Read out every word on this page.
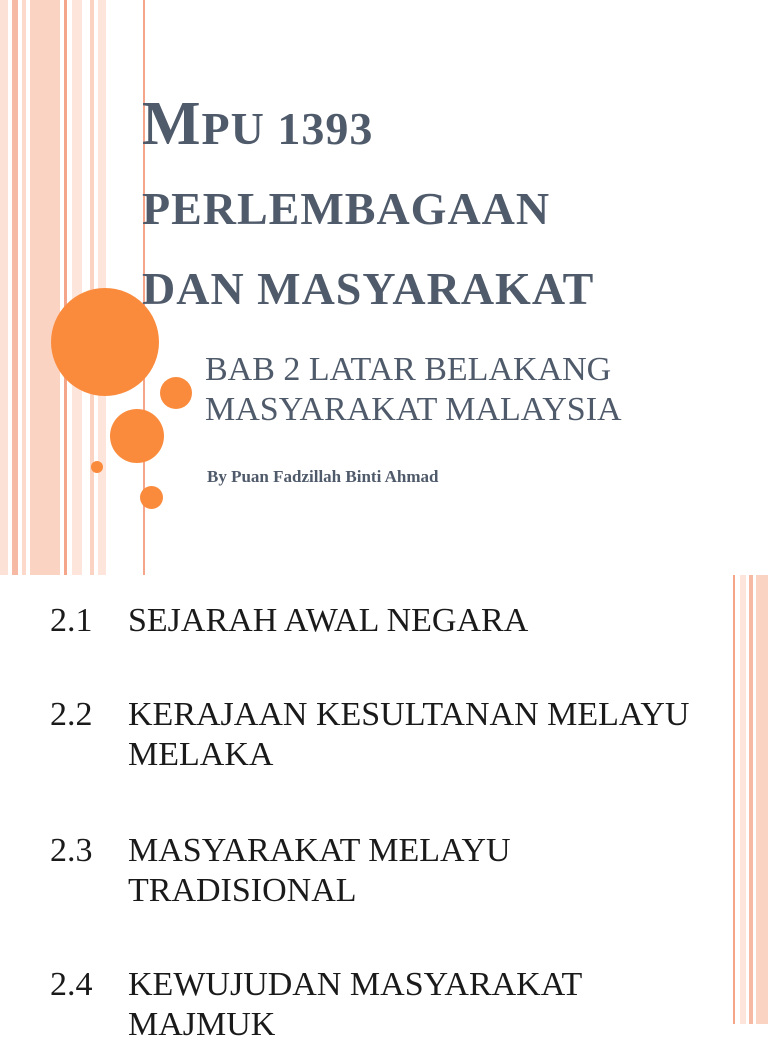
MPU 1393
PERLEMBAGAAN
DAN MASYARAKAT

BAB 2 LATAR BELAKANG MASYARAKAT MALAYSIA

By Puan Fadzillah Binti Ahmad

2.1 SEJARAH AWAL NEGARA
2.2 KERAJAAN KESULTANAN MELAYU MELAKA
2.3 MASYARAKAT MELAYU TRADISIONAL
2.4 KEWUJUDAN MASYARAKAT MAJMUK
